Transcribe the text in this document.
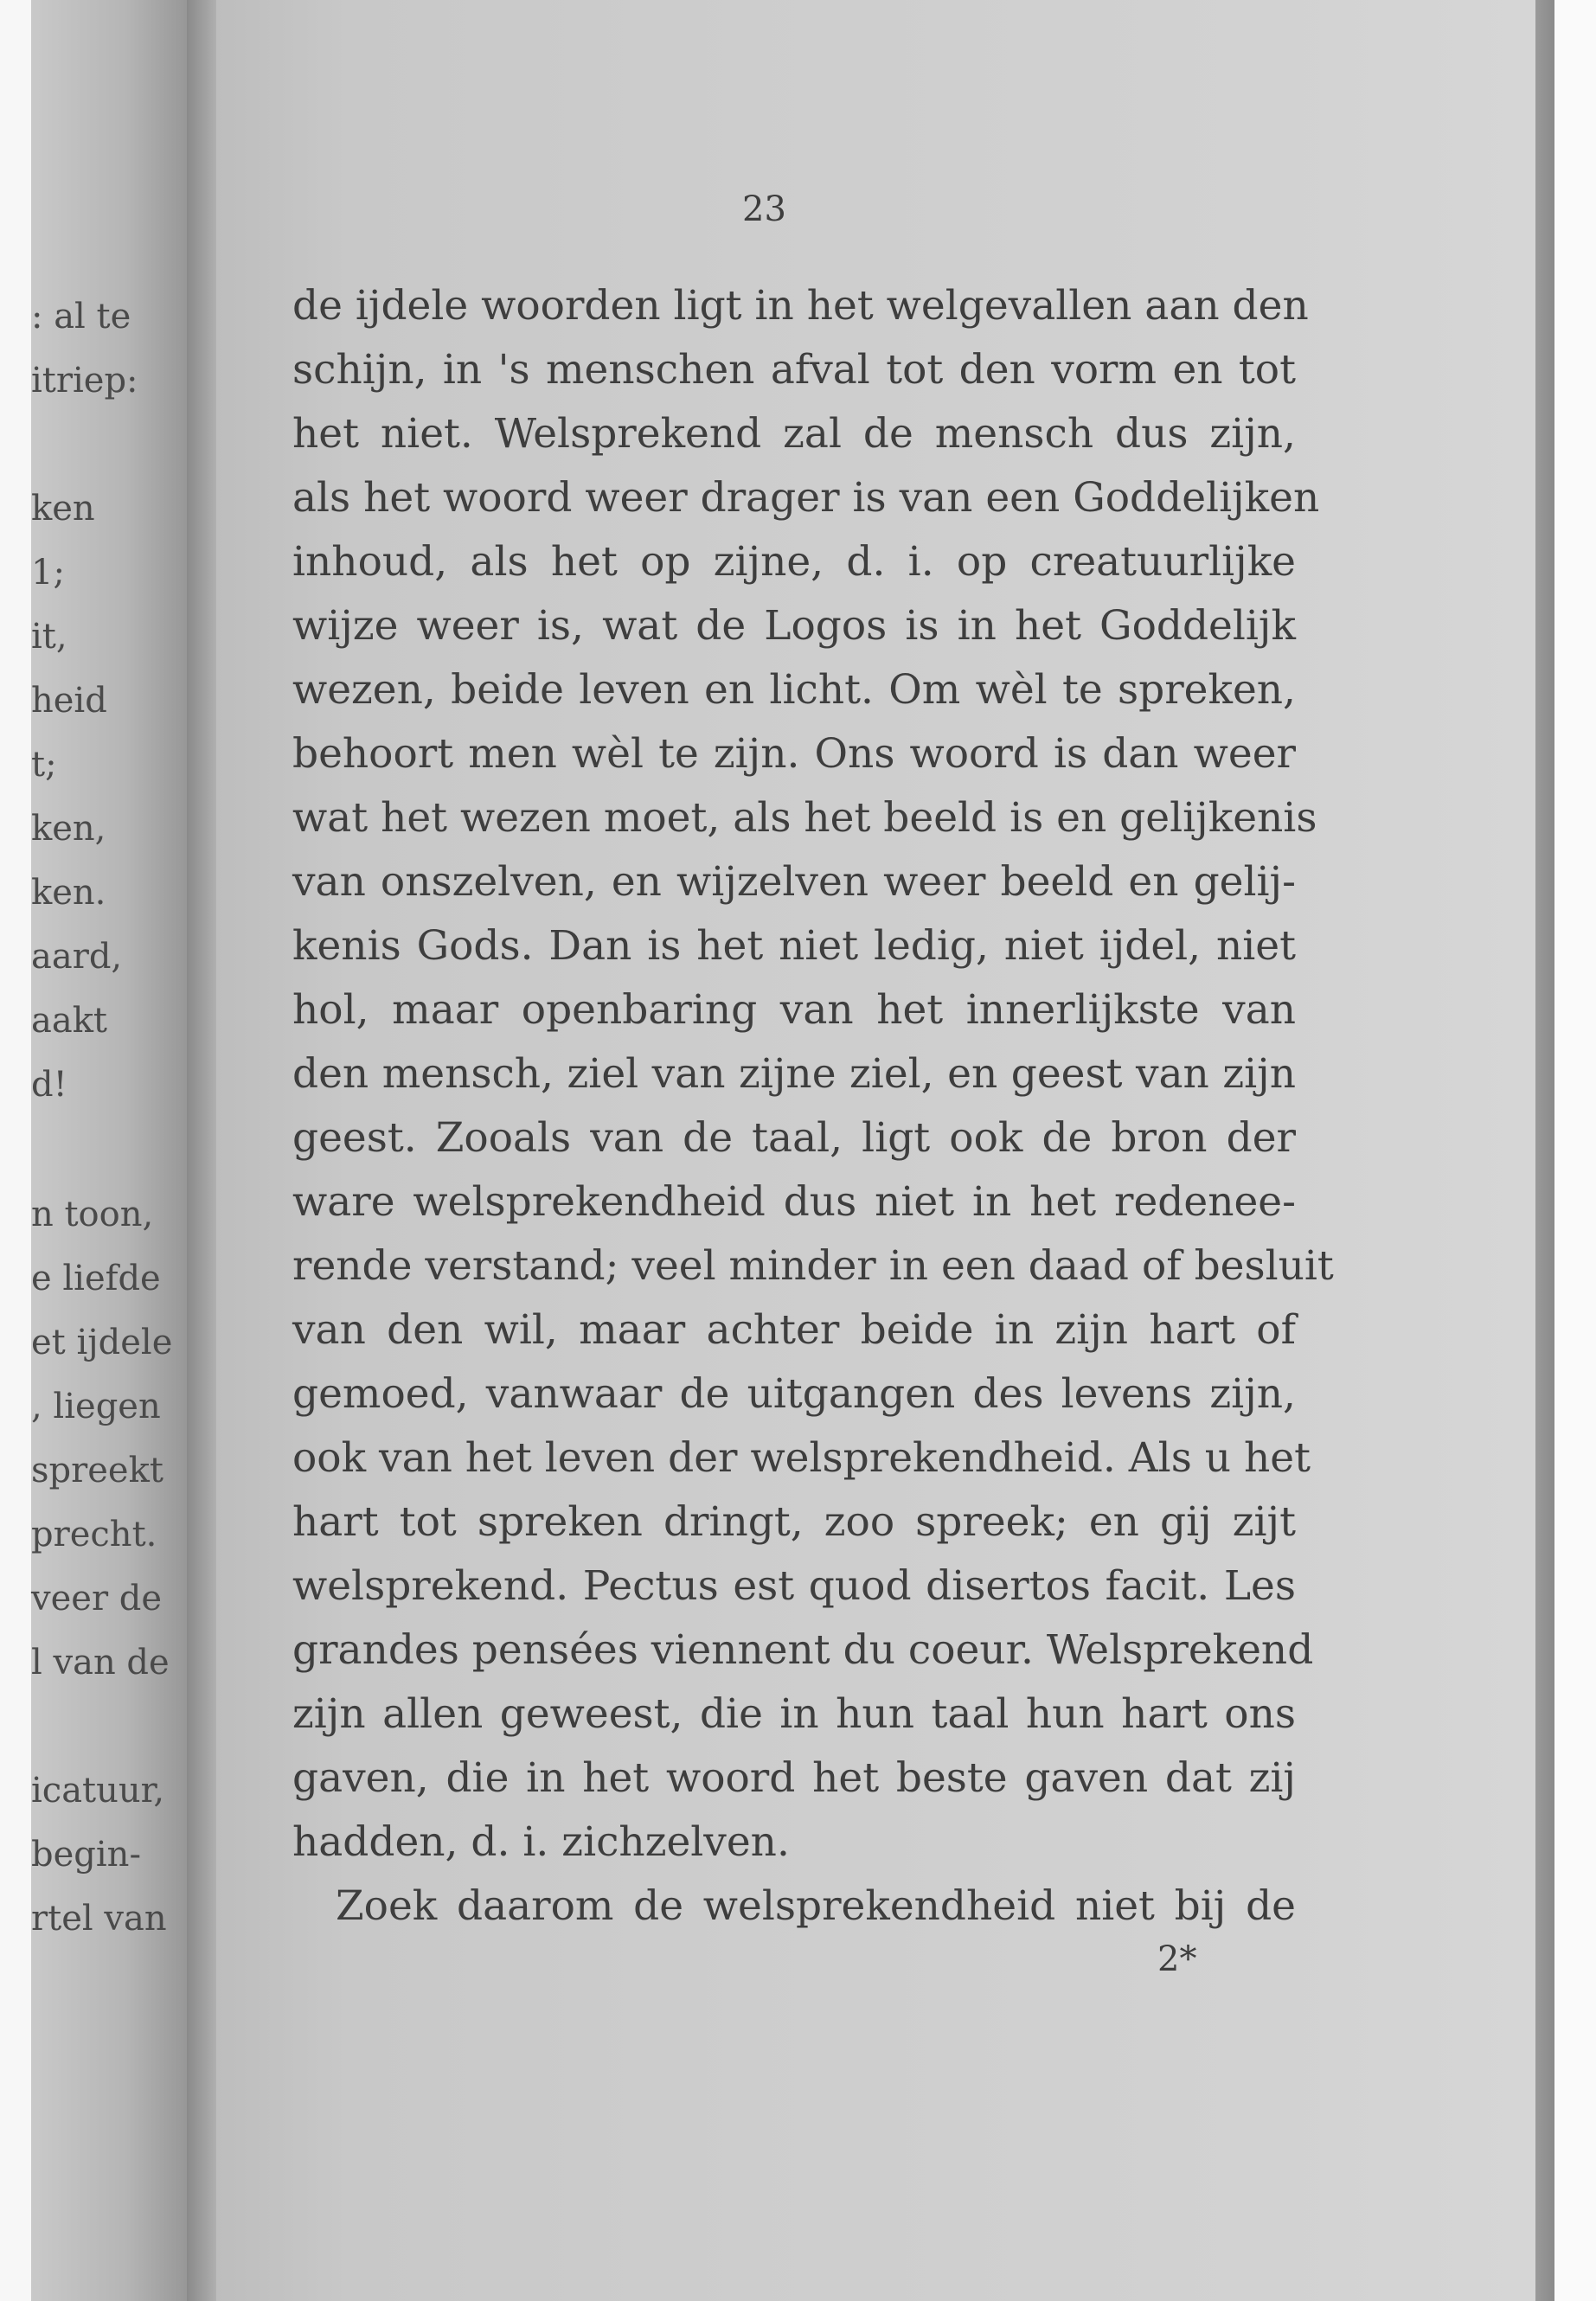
: al te
itriep:
ken
1;
it,
heid
t;
ken,
ken.
aard,
aakt
d!
n toon,
e liefde
et ijdele
, liegen
spreekt
precht.
veer de
l van de
icatuur,
begin-
rtel van
23
de ijdele woorden ligt in het welgevallen aan den
schijn, in 's menschen afval tot den vorm en tot
het niet. Welsprekend zal de mensch dus zijn,
als het woord weer drager is van een Goddelijken
inhoud, als het op zijne, d. i. op creatuurlijke
wijze weer is, wat de Logos is in het Goddelijk
wezen, beide leven en licht. Om wèl te spreken,
behoort men wèl te zijn. Ons woord is dan weer
wat het wezen moet, als het beeld is en gelijkenis
van onszelven, en wijzelven weer beeld en gelij-
kenis Gods. Dan is het niet ledig, niet ijdel, niet
hol, maar openbaring van het innerlijkste van
den mensch, ziel van zijne ziel, en geest van zijn
geest. Zooals van de taal, ligt ook de bron der
ware welsprekendheid dus niet in het redenee-
rende verstand; veel minder in een daad of besluit
van den wil, maar achter beide in zijn hart of
gemoed, vanwaar de uitgangen des levens zijn,
ook van het leven der welsprekendheid. Als u het
hart tot spreken dringt, zoo spreek; en gij zijt
welsprekend. Pectus est quod disertos facit. Les
grandes pensées viennent du coeur. Welsprekend
zijn allen geweest, die in hun taal hun hart ons
gaven, die in het woord het beste gaven dat zij
hadden, d. i. zichzelven.
Zoek daarom de welsprekendheid niet bij de
2*
